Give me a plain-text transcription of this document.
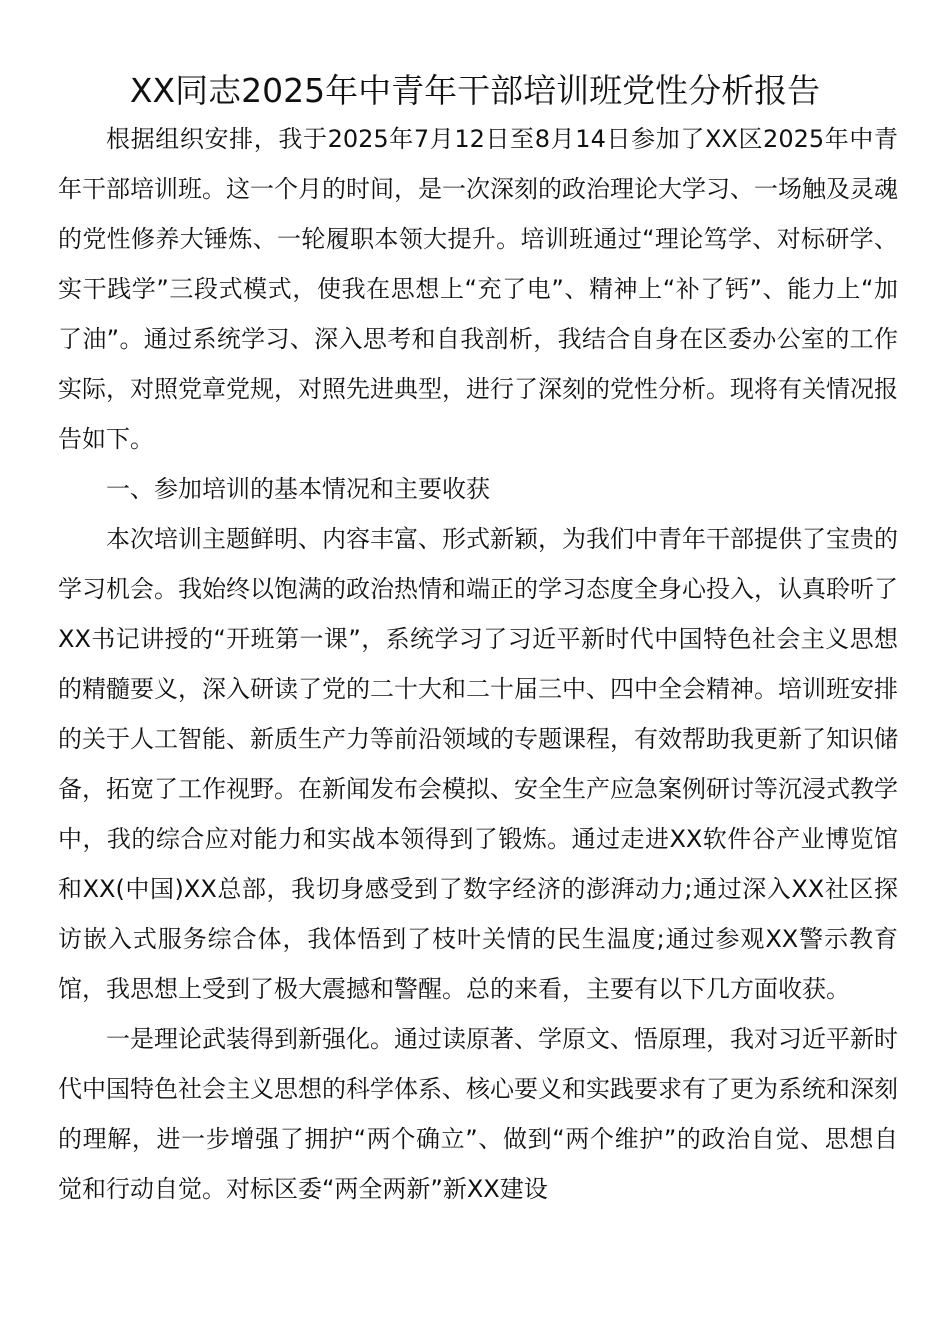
XX同志2025年中青年干部培训班党性分析报告

根据组织安排，我于2025年7月12日至8月14日参加了XX区2025年中青年干部培训班。这一个月的时间，是一次深刻的政治理论大学习、一场触及灵魂的党性修养大锤炼、一轮履职本领大提升。培训班通过“理论笃学、对标研学、实干践学”三段式模式，使我在思想上“充了电”、精神上“补了钙”、能力上“加了油”。通过系统学习、深入思考和自我剖析，我结合自身在区委办公室的工作实际，对照党章党规，对照先进典型，进行了深刻的党性分析。现将有关情况报告如下。

一、参加培训的基本情况和主要收获

本次培训主题鲜明、内容丰富、形式新颖，为我们中青年干部提供了宝贵的学习机会。我始终以饱满的政治热情和端正的学习态度全身心投入，认真聆听了XX书记讲授的“开班第一课”，系统学习了习近平新时代中国特色社会主义思想的精髓要义，深入研读了党的二十大和二十届三中、四中全会精神。培训班安排的关于人工智能、新质生产力等前沿领域的专题课程，有效帮助我更新了知识储备，拓宽了工作视野。在新闻发布会模拟、安全生产应急案例研讨等沉浸式教学中，我的综合应对能力和实战本领得到了锻炼。通过走进XX软件谷产业博览馆和XX(中国)XX总部，我切身感受到了数字经济的澎湃动力;通过深入XX社区探访嵌入式服务综合体，我体悟到了枝叶关情的民生温度;通过参观XX警示教育馆，我思想上受到了极大震撼和警醒。总的来看，主要有以下几方面收获。

一是理论武装得到新强化。通过读原著、学原文、悟原理，我对习近平新时代中国特色社会主义思想的科学体系、核心要义和实践要求有了更为系统和深刻的理解，进一步增强了拥护“两个确立”、做到“两个维护”的政治自觉、思想自觉和行动自觉。对标区委“两全两新”新XX建设
